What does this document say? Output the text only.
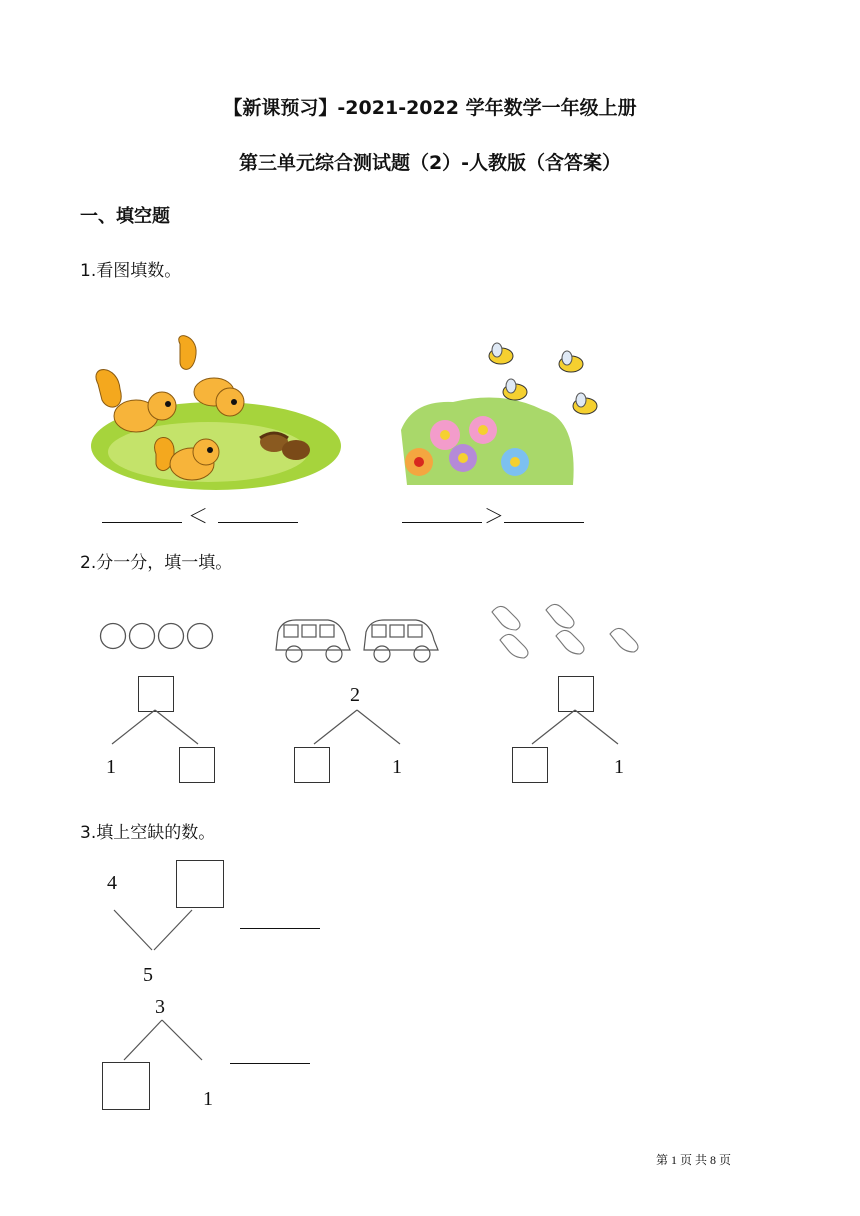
【新课预习】-2021-2022 学年数学一年级上册
第三单元综合测试题（2）-人教版（含答案）
一、填空题
1.看图填数。
＜	＞
2.分一分，填一填。
1
2
1	1
3.填上空缺的数。
4
5
3
1
第 1 页 共 8 页
